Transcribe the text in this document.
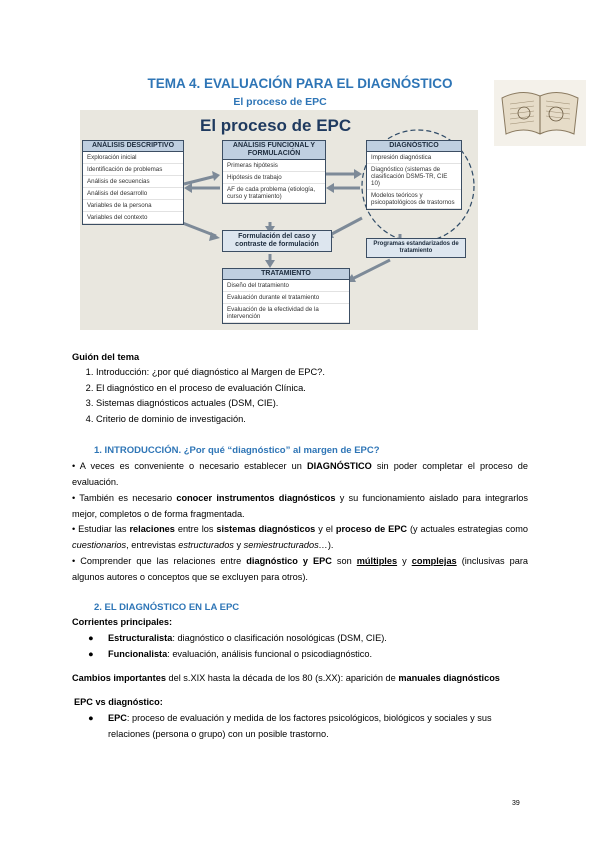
TEMA 4. EVALUACIÓN PARA EL DIAGNÓSTICO
El proceso de EPC
El proceso de EPC
ANÁLISIS DESCRIPTIVO
Exploración inicial
Identificación de problemas
Análisis de secuencias
Análisis del desarrollo
Variables de la persona
Variables del contexto
ANÁLISIS FUNCIONAL Y FORMULACIÓN
Primeras hipótesis
Hipótesis de trabajo
AF de cada problema (etiología, curso y tratamiento)
DIAGNÓSTICO
Impresión diagnóstica
Diagnóstico (sistemas de clasificación DSM5-TR, CIE 10)
Modelos teóricos y psicopatológicos de trastornos
Formulación del caso y contraste de formulación	Programas estandarizados de tratamiento
TRATAMIENTO
Diseño del tratamiento
Evaluación durante el tratamiento
Evaluación de la efectividad de la intervención
Guión del tema
1. Introducción: ¿por qué diagnóstico al Margen de EPC?.
2. El diagnóstico en el proceso de evaluación Clínica.
3. Sistemas diagnósticos actuales (DSM, CIE).
4. Criterio de dominio de investigación.
1. INTRODUCCIÓN. ¿Por qué “diagnóstico” al margen de EPC?
• A veces es conveniente o necesario establecer un DIAGNÓSTICO sin poder completar el proceso de evaluación.
• También es necesario conocer instrumentos diagnósticos y su funcionamiento aislado para integrarlos mejor, completos o de forma fragmentada.
• Estudiar las relaciones entre los sistemas diagnósticos y el proceso de EPC (y actuales estrategias como cuestionarios, entrevistas estructurados y semiestructurados…).
• Comprender que las relaciones entre diagnóstico y EPC son múltiples y complejas (inclusivas para algunos autores o conceptos que se excluyen para otros).
2. EL DIAGNÓSTICO EN LA EPC
Corrientes principales:
● Estructuralista: diagnóstico o clasificación nosológicas (DSM, CIE).
● Funcionalista: evaluación, análisis funcional o psicodiagnóstico.
Cambios importantes del s.XIX hasta la década de los 80 (s.XX): aparición de manuales diagnósticos
EPC vs diagnóstico:
● EPC: proceso de evaluación y medida de los factores psicológicos, biológicos y sociales y sus relaciones (persona o grupo) con un posible trastorno.
39
